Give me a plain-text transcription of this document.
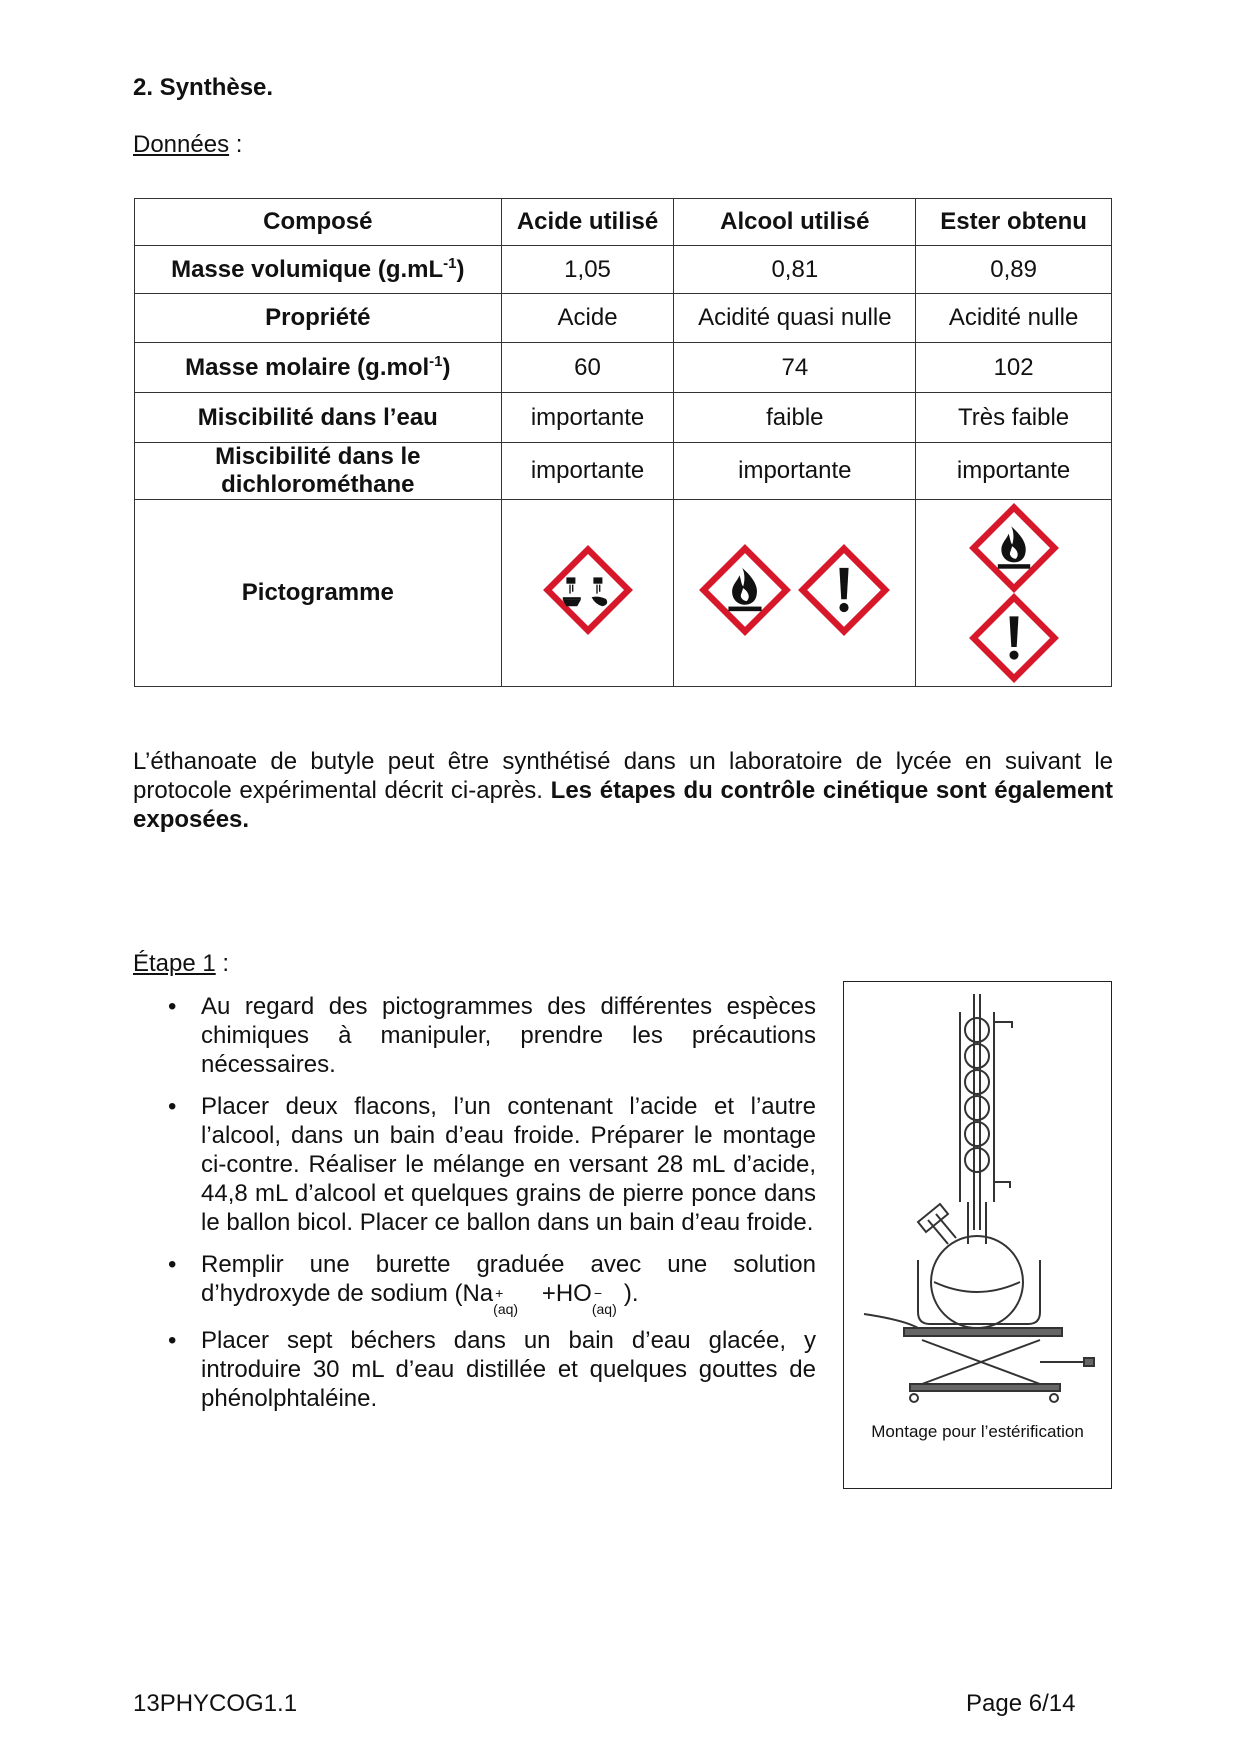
2. Synthèse.
Données :
Composé	Acide utilisé	Alcool utilisé	Ester obtenu
Masse volumique $(g.mL^{-1})$	1,05	0,81	0,89
Propriété	Acide	Acidité quasi nulle	Acidité nulle
Masse molaire (g.mol$^{-1}$)	60	74	102
Miscibilité dans l’eau	importante	faible	Très faible
Miscibilité dans le dichlorométhane	importante	importante	importante
Pictogramme			
L’éthanoate de butyle peut être synthétisé dans un laboratoire de lycée en suivant le protocole expérimental décrit ci-après. Les étapes du contrôle cinétique sont également exposées.
Étape 1 :
• Au regard des pictogrammes des différentes espèces chimiques à manipuler, prendre les précautions nécessaires.
• Placer deux flacons, l’un contenant l’acide et l’autre l’alcool, dans un bain d’eau froide. Préparer le montage ci-contre. Réaliser le mélange en versant 28 mL d’acide, 44,8 mL d’alcool et quelques grains de pierre ponce dans le ballon bicol. Placer ce ballon dans un bain d’eau froide.
• Remplir une burette graduée avec une solution d’hydroxyde de sodium (Na +
(aq)
+HO −
(aq)
).
• Placer sept béchers dans un bain d’eau glacée, y introduire 30 mL d’eau distillée et quelques gouttes de phénolphtaléine.
Montage pour l’estérification
13PHYCOG1.1	Page 6/14
